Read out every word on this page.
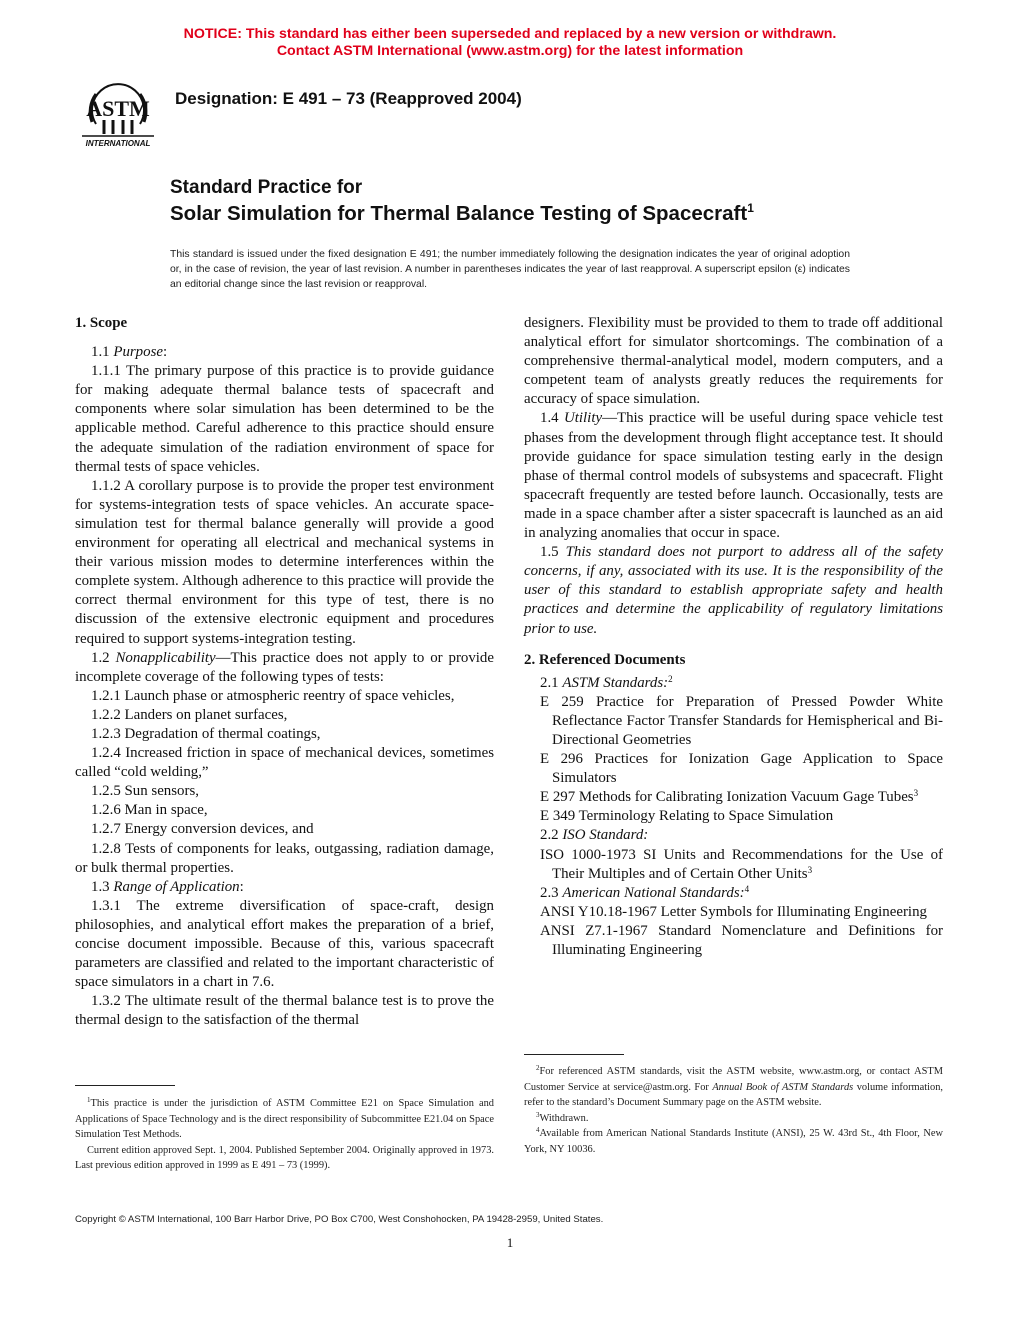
NOTICE: This standard has either been superseded and replaced by a new version or withdrawn.
Contact ASTM International (www.astm.org) for the latest information
ASTM
INTERNATIONAL
Designation: E 491 – 73 (Reapproved 2004)
Standard Practice for
Solar Simulation for Thermal Balance Testing of Spacecraft$^1$
This standard is issued under the fixed designation E 491; the number immediately following the designation indicates the year of original adoption or, in the case of revision, the year of last revision. A number in parentheses indicates the year of last reapproval. A superscript epsilon (ε) indicates an editorial change since the last revision or reapproval.

1. Scope

1.1 Purpose:

1.1.1 The primary purpose of this practice is to provide guidance for making adequate thermal balance tests of spacecraft and components where solar simulation has been determined to be the applicable method. Careful adherence to this practice should ensure the adequate simulation of the radiation environment of space for thermal tests of space vehicles.

1.1.2 A corollary purpose is to provide the proper test environment for systems-integration tests of space vehicles. An accurate space-simulation test for thermal balance generally will provide a good environment for operating all electrical and mechanical systems in their various mission modes to determine interferences within the complete system. Although adherence to this practice will provide the correct thermal environment for this type of test, there is no discussion of the extensive electronic equipment and procedures required to support systems-integration testing.

1.2 Nonapplicability—This practice does not apply to or provide incomplete coverage of the following types of tests:

1.2.1 Launch phase or atmospheric reentry of space vehicles,

1.2.2 Landers on planet surfaces,

1.2.3 Degradation of thermal coatings,

1.2.4 Increased friction in space of mechanical devices, sometimes called “cold welding,”

1.2.5 Sun sensors,

1.2.6 Man in space,

1.2.7 Energy conversion devices, and

1.2.8 Tests of components for leaks, outgassing, radiation damage, or bulk thermal properties.

1.3 Range of Application:

1.3.1 The extreme diversification of space-craft, design philosophies, and analytical effort makes the preparation of a brief, concise document impossible. Because of this, various spacecraft parameters are classified and related to the important characteristic of space simulators in a chart in 7.6.

1.3.2 The ultimate result of the thermal balance test is to prove the thermal design to the satisfaction of the thermal

designers. Flexibility must be provided to them to trade off additional analytical effort for simulator shortcomings. The combination of a comprehensive thermal-analytical model, modern computers, and a competent team of analysts greatly reduces the requirements for accuracy of space simulation.

1.4 Utility—This practice will be useful during space vehicle test phases from the development through flight acceptance test. It should provide guidance for space simulation testing early in the design phase of thermal control models of subsystems and spacecraft. Flight spacecraft frequently are tested before launch. Occasionally, tests are made in a space chamber after a sister spacecraft is launched as an aid in analyzing anomalies that occur in space.

1.5 This standard does not purport to address all of the safety concerns, if any, associated with its use. It is the responsibility of the user of this standard to establish appropriate safety and health practices and determine the applicability of regulatory limitations prior to use.

2. Referenced Documents

2.1 ASTM Standards:$^2$

E 259 Practice for Preparation of Pressed Powder White Reflectance Factor Transfer Standards for Hemispherical and Bi-Directional Geometries

E 296 Practices for Ionization Gage Application to Space Simulators

E 297 Methods for Calibrating Ionization Vacuum Gage Tubes$^3$

E 349 Terminology Relating to Space Simulation

2.2 ISO Standard:

ISO 1000-1973 SI Units and Recommendations for the Use of Their Multiples and of Certain Other Units$^3$

2.3 American National Standards:$^4$

ANSI Y10.18-1967 Letter Symbols for Illuminating Engineering

ANSI Z7.1-1967 Standard Nomenclature and Definitions for Illuminating Engineering

$^1$This practice is under the jurisdiction of ASTM Committee E21 on Space Simulation and Applications of Space Technology and is the direct responsibility of Subcommittee E21.04 on Space Simulation Test Methods.

Current edition approved Sept. 1, 2004. Published September 2004. Originally approved in 1973. Last previous edition approved in 1999 as E 491 – 73 (1999).

$^2$For referenced ASTM standards, visit the ASTM website, www.astm.org, or contact ASTM Customer Service at service@astm.org. For Annual Book of ASTM Standards volume information, refer to the standard’s Document Summary page on the ASTM website.

$^3$Withdrawn.

$^4$Available from American National Standards Institute (ANSI), 25 W. 43rd St., 4th Floor, New York, NY 10036.

Copyright © ASTM International, 100 Barr Harbor Drive, PO Box C700, West Conshohocken, PA 19428-2959, United States.
1
